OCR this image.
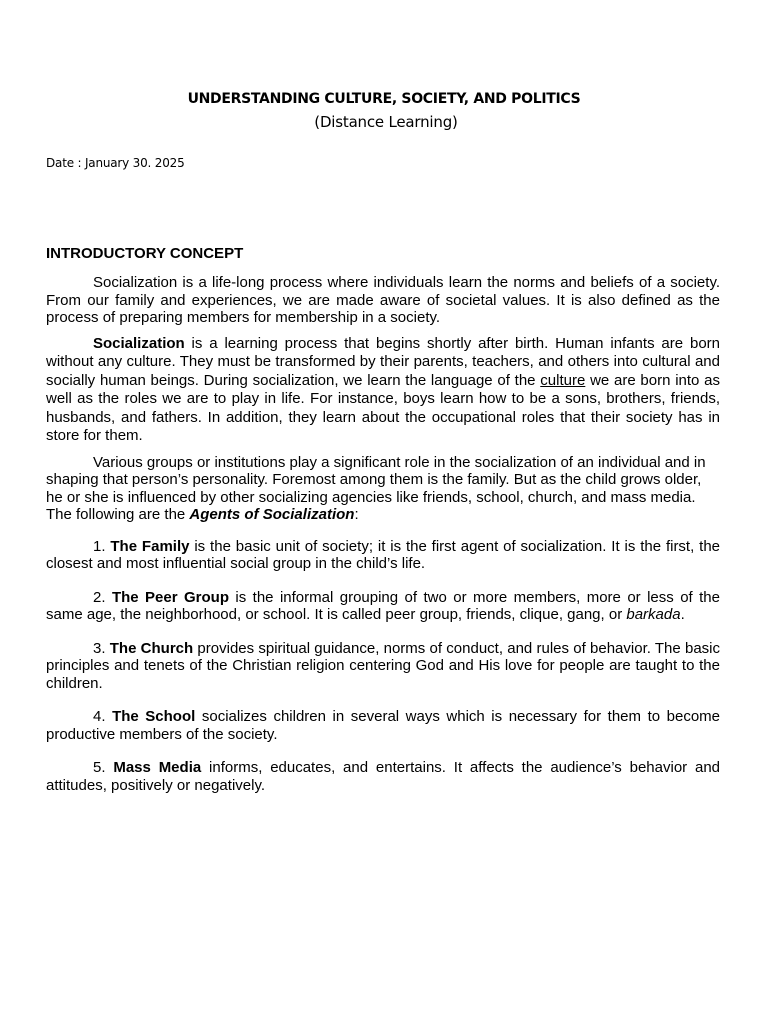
UNDERSTANDING CULTURE, SOCIETY, AND POLITICS
(Distance Learning)
Date : January 30. 2025
INTRODUCTORY CONCEPT

Socialization is a life-long process where individuals learn the norms and beliefs of a society. From our family and experiences, we are made aware of societal values. It is also defined as the process of preparing members for membership in a society.

Socialization is a learning process that begins shortly after birth. Human infants are born without any culture. They must be transformed by their parents, teachers, and others into cultural and socially human beings. During socialization, we learn the language of the culture we are born into as well as the roles we are to play in life. For instance, boys learn how to be a sons, brothers, friends, husbands, and fathers. In addition, they learn about the occupational roles that their society has in store for them.

Various groups or institutions play a significant role in the socialization of an individual and in shaping that person’s personality. Foremost among them is the family. But as the child grows older, he or she is influenced by other socializing agencies like friends, school, church, and mass media. The following are the Agents of Socialization:

1. The Family is the basic unit of society; it is the first agent of socialization. It is the first, the closest and most influential social group in the child’s life.

2. The Peer Group is the informal grouping of two or more members, more or less of the same age, the neighborhood, or school. It is called peer group, friends, clique, gang, or barkada.

3. The Church provides spiritual guidance, norms of conduct, and rules of behavior. The basic principles and tenets of the Christian religion centering God and His love for people are taught to the children.

4. The School socializes children in several ways which is necessary for them to become productive members of the society.

5. Mass Media informs, educates, and entertains. It affects the audience’s behavior and attitudes, positively or negatively.
